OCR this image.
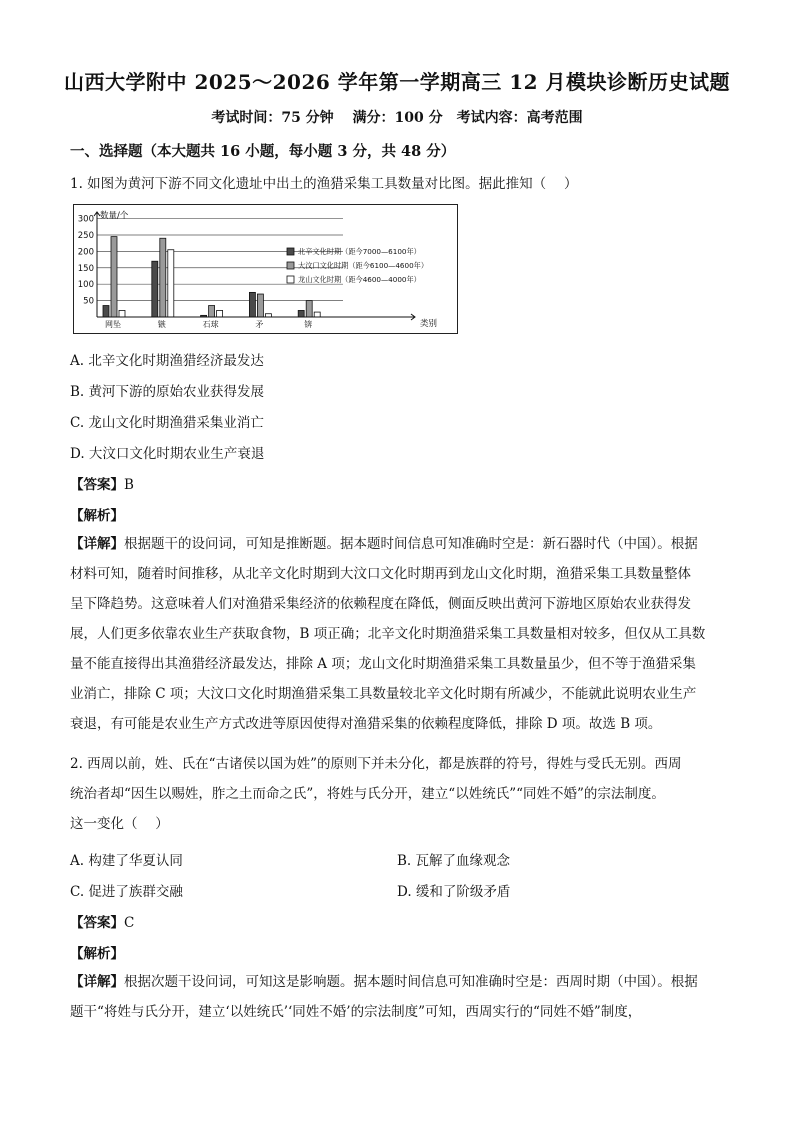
山西大学附中 2025～2026 学年第一学期高三 12 月模块诊断历史试题
考试时间：75 分钟　 满分：100 分　考试内容：高考范围
一、选择题（本大题共 16 小题，每小题 3 分，共 48 分）
1. 如图为黄河下游不同文化遗址中出土的渔猎采集工具数量对比图。据此推知（　 ）
50
100
150
200
250
300
网坠	镞	石球	矛	锛
数量/个
类别
北辛文化时期（距今7000—6100年）
大汶口文化时期（距今6100—4600年）
龙山文化时期（距今4600—4000年）
A. 北辛文化时期渔猎经济最发达
B. 黄河下游的原始农业获得发展
C. 龙山文化时期渔猎采集业消亡
D. 大汶口文化时期农业生产衰退
【答案】B
【解析】
【详解】根据题干的设问词，可知是推断题。据本题时间信息可知准确时空是：新石器时代（中国）。根据
材料可知，随着时间推移，从北辛文化时期到大汶口文化时期再到龙山文化时期，渔猎采集工具数量整体
呈下降趋势。这意味着人们对渔猎采集经济的依赖程度在降低，侧面反映出黄河下游地区原始农业获得发
展，人们更多依靠农业生产获取食物，B 项正确；北辛文化时期渔猎采集工具数量相对较多，但仅从工具数
量不能直接得出其渔猎经济最发达，排除 A 项；龙山文化时期渔猎采集工具数量虽少，但不等于渔猎采集
业消亡，排除 C 项；大汶口文化时期渔猎采集工具数量较北辛文化时期有所减少，不能就此说明农业生产
衰退，有可能是农业生产方式改进等原因使得对渔猎采集的依赖程度降低，排除 D 项。故选 B 项。
2. 西周以前，姓、氏在“古诸侯以国为姓”的原则下并未分化，都是族群的符号，得姓与受氏无别。西周
统治者却“因生以赐姓，胙之土而命之氏”，将姓与氏分开，建立“以姓统氏”“同姓不婚”的宗法制度。
这一变化（　 ）
A. 构建了华夏认同	B. 瓦解了血缘观念
C. 促进了族群交融	D. 缓和了阶级矛盾
【答案】C
【解析】
【详解】根据次题干设问词，可知这是影响题。据本题时间信息可知准确时空是：西周时期（中国）。根据
题干“将姓与氏分开，建立‘以姓统氏’‘同姓不婚’的宗法制度”可知，西周实行的“同姓不婚”制度，
